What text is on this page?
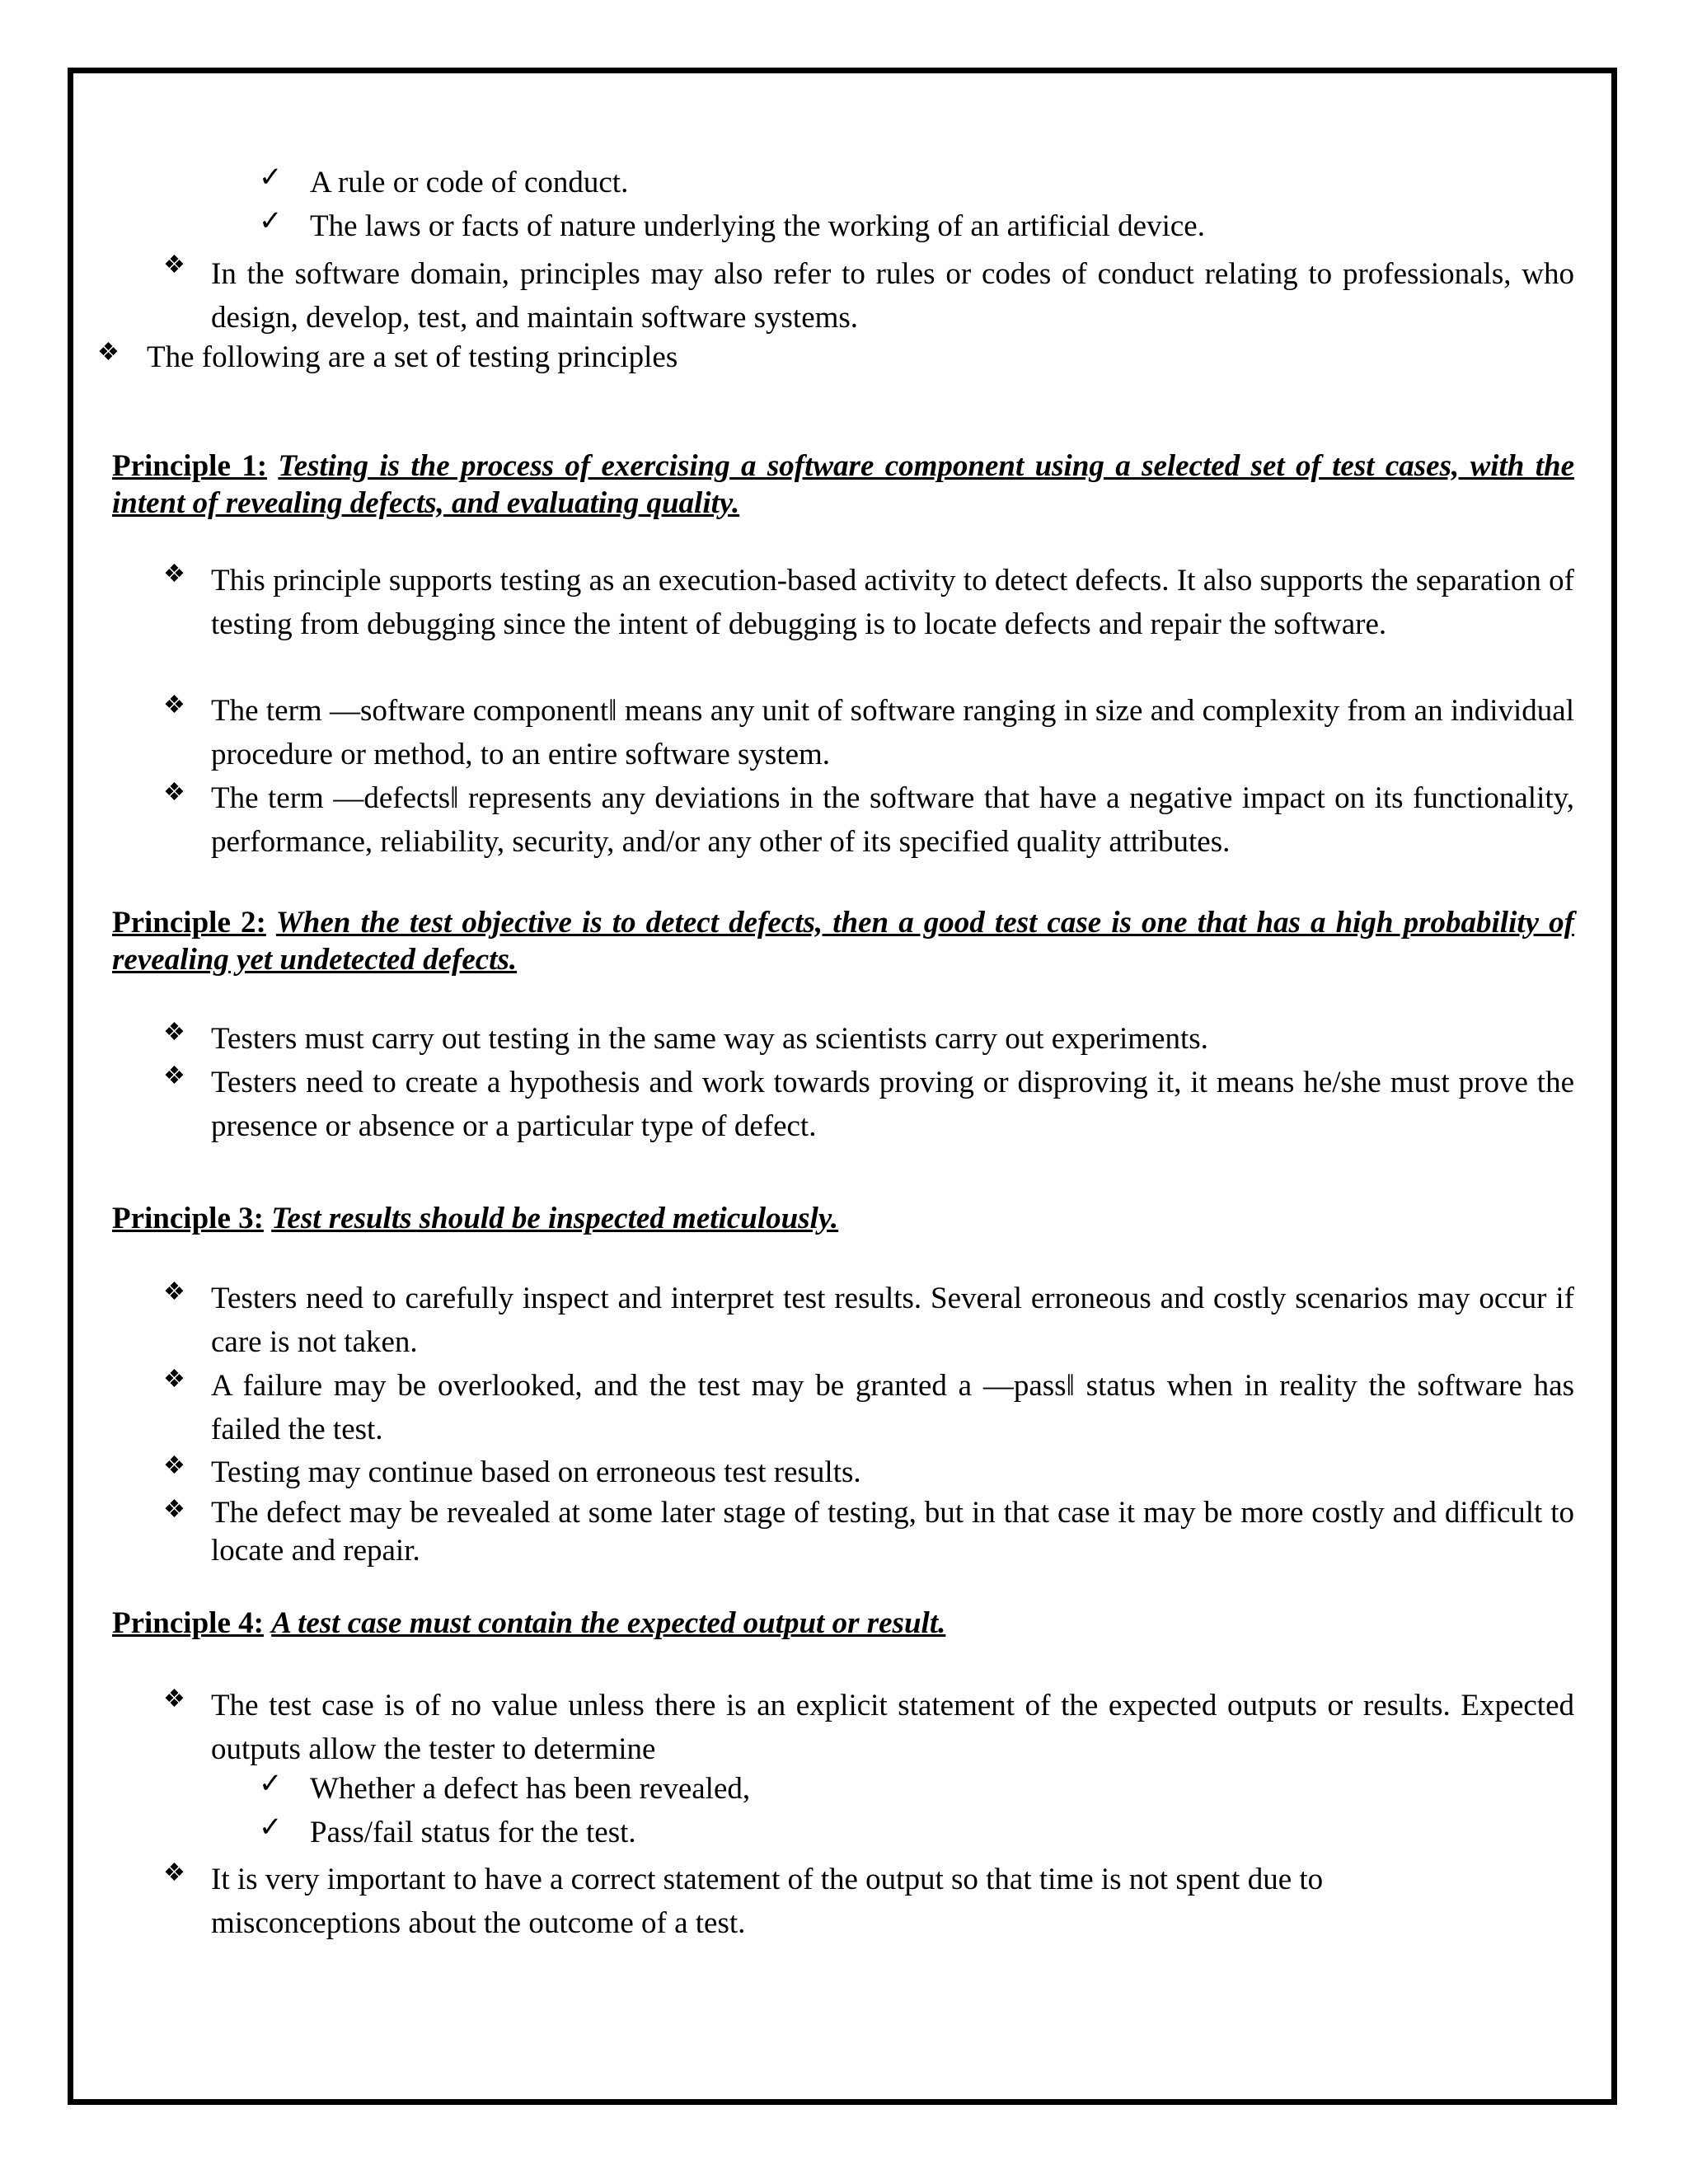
✓ A rule or code of conduct.
✓ The laws or facts of nature underlying the working of an artificial device.
❖ In the software domain, principles may also refer to rules or codes of conduct relating to professionals, who design, develop, test, and maintain software systems.
❖ The following are a set of testing principles
Principle 1: Testing is the process of exercising a software component using a selected set of test cases, with the intent of revealing defects, and evaluating quality.
❖ This principle supports testing as an execution-based activity to detect defects. It also supports the separation of testing from debugging since the intent of debugging is to locate defects and repair the software.
❖ The term ―software component‖ means any unit of software ranging in size and complexity from an individual procedure or method, to an entire software system.
❖ The term ―defects‖ represents any deviations in the software that have a negative impact on its functionality, performance, reliability, security, and/or any other of its specified quality attributes.
Principle 2: When the test objective is to detect defects, then a good test case is one that has a high probability of revealing yet undetected defects.
❖ Testers must carry out testing in the same way as scientists carry out experiments.
❖ Testers need to create a hypothesis and work towards proving or disproving it, it means he/she must prove the presence or absence or a particular type of defect.
Principle 3: Test results should be inspected meticulously.
❖ Testers need to carefully inspect and interpret test results. Several erroneous and costly scenarios may occur if care is not taken.
❖ A failure may be overlooked, and the test may be granted a ―pass‖ status when in reality the software has failed the test.
❖ Testing may continue based on erroneous test results.
❖ The defect may be revealed at some later stage of testing, but in that case it may be more costly and difficult to locate and repair.
Principle 4: A test case must contain the expected output or result.
❖ The test case is of no value unless there is an explicit statement of the expected outputs or results. Expected outputs allow the tester to determine
✓ Whether a defect has been revealed,
✓ Pass/fail status for the test.
❖ It is very important to have a correct statement of the output so that time is not spent due to misconceptions about the outcome of a test.
